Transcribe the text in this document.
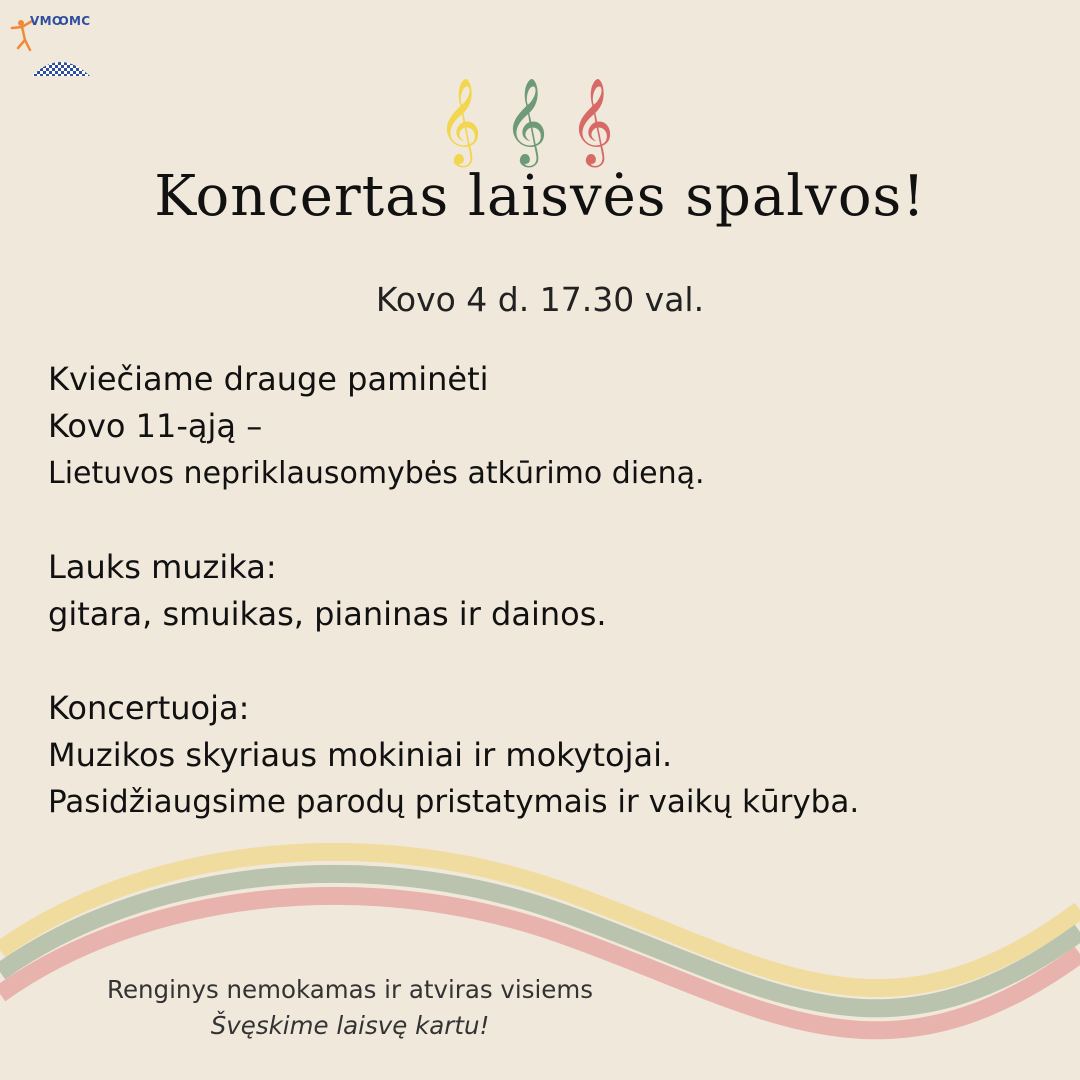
VMꝎMC
𝄞 𝄞 𝄞
Koncertas laisvės spalvos!
Kovo 4 d. 17.30 val.
Kviečiame drauge paminėti
Kovo 11-ąją –
Lietuvos nepriklausomybės atkūrimo dieną.
Lauks muzika:
gitara, smuikas, pianinas ir dainos.
Koncertuoja:
Muzikos skyriaus mokiniai ir mokytojai.
Pasidžiaugsime parodų pristatymais ir vaikų kūryba.
Renginys nemokamas ir atviras visiems
Švęskime laisvę kartu!
